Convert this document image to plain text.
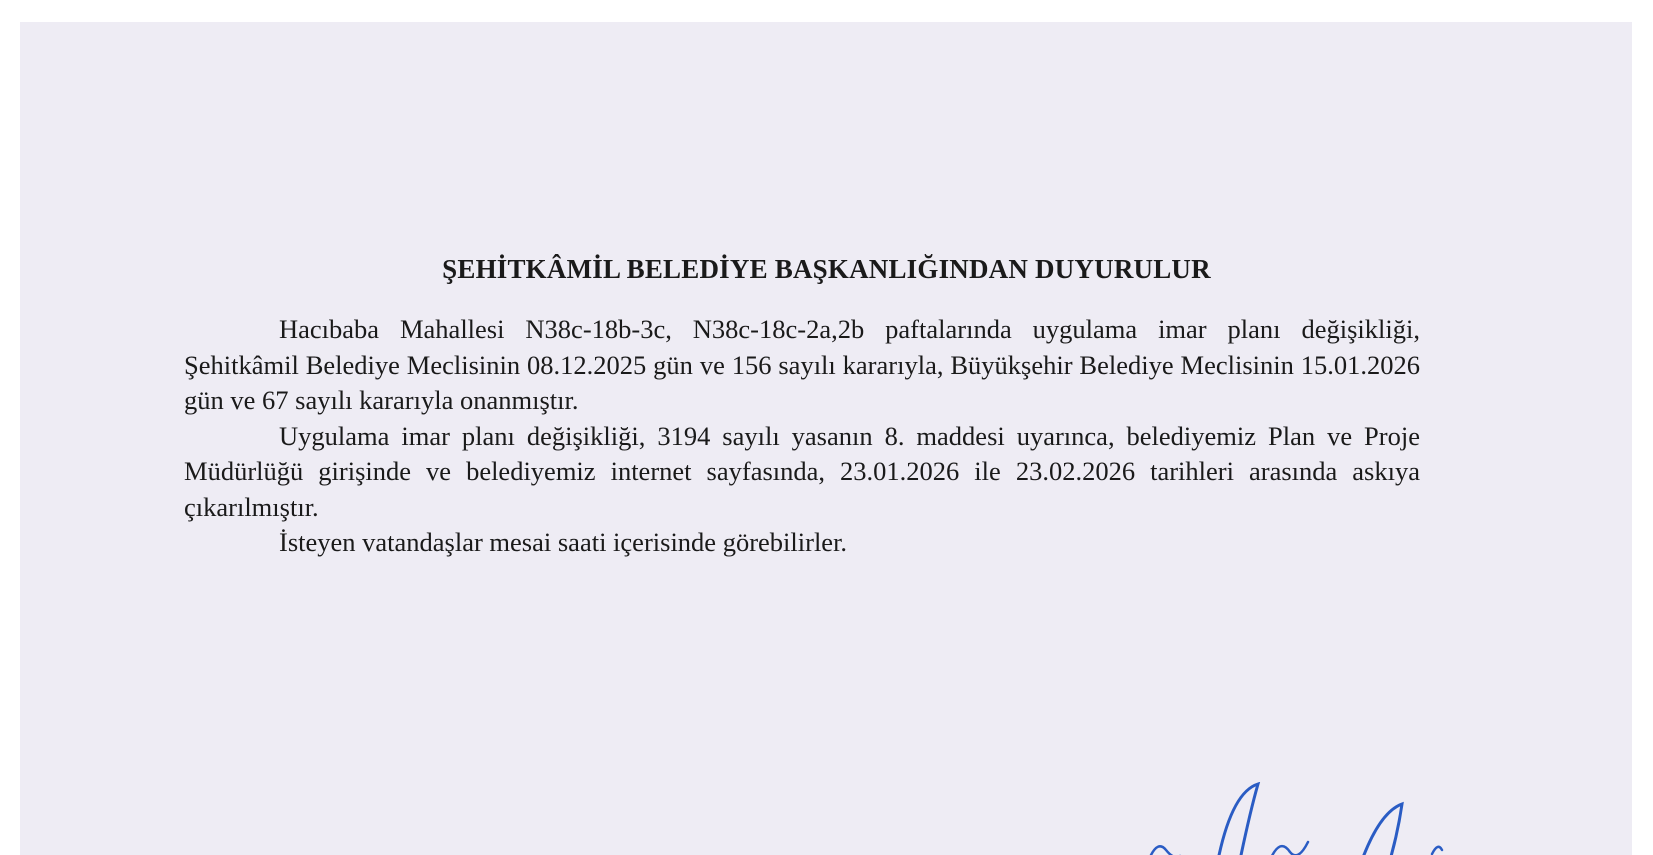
ŞEHİTKÂMİL BELEDİYE BAŞKANLIĞINDAN DUYURULUR

Hacıbaba Mahallesi N38c-18b-3c, N38c-18c-2a,2b paftalarında uygulama imar planı değişikliği, Şehitkâmil Belediye Meclisinin 08.12.2025 gün ve 156 sayılı kararıyla, Büyükşehir Belediye Meclisinin 15.01.2026 gün ve 67 sayılı kararıyla onanmıştır.

Uygulama imar planı değişikliği, 3194 sayılı yasanın 8. maddesi uyarınca, belediyemiz Plan ve Proje Müdürlüğü girişinde ve belediyemiz internet sayfasında, 23.01.2026 ile 23.02.2026 tarihleri arasında askıya çıkarılmıştır.

İsteyen vatandaşlar mesai saati içerisinde görebilirler.
